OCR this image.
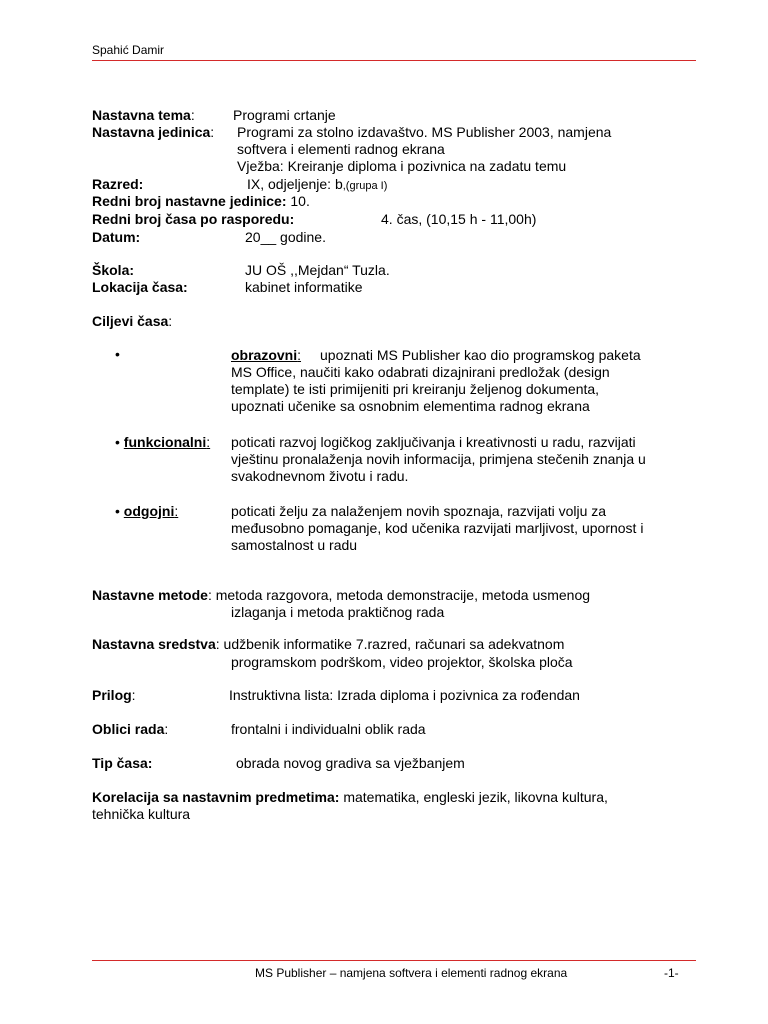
Spahić Damir
Nastavna tema:	Programi crtanje
Nastavna jedinica: Programi za stolno izdavaštvo. MS Publisher 2003, namjena
softvera i elementi radnog ekrana
Vježba: Kreiranje diploma i pozivnica na zadatu temu
Razred:	IX, odjeljenje: b,(grupa I)
Redni broj nastavne jedinice: 10.
Redni broj časa po rasporedu:	4. čas, (10,15 h - 11,00h)
Datum:	20__ godine.
Škola:	JU OŠ ,,Mejdan“ Tuzla.
Lokacija časa:	kabinet informatike
Ciljevi časa:
•	obrazovni: upoznati MS Publisher kao dio programskog paketa
MS Office, naučiti kako odabrati dizajnirani predložak (design
template) te isti primijeniti pri kreiranju željenog dokumenta,
upoznati učenike sa osnobnim elementima radnog ekrana
• funkcionalni: poticati razvoj logičkog zaključivanja i kreativnosti u radu, razvijati
vještinu pronalaženja novih informacija, primjena stečenih znanja u
svakodnevnom životu i radu.
• odgojni:	poticati želju za nalaženjem novih spoznaja, razvijati volju za
međusobno pomaganje, kod učenika razvijati marljivost, upornost i
samostalnost u radu
Nastavne metode: metoda razgovora, metoda demonstracije, metoda usmenog
izlaganja i metoda praktičnog rada
Nastavna sredstva: udžbenik informatike 7.razred, računari sa adekvatnom
programskom podrškom, video projektor, školska ploča
Prilog:	Instruktivna lista: Izrada diploma i pozivnica za rođendan
Oblici rada:	frontalni i individualni oblik rada
Tip časa:	obrada novog gradiva sa vježbanjem
Korelacija sa nastavnim predmetima: matematika, engleski jezik, likovna kultura,
tehnička kultura
MS Publisher – namjena softvera i elementi radnog ekrana	-1-
